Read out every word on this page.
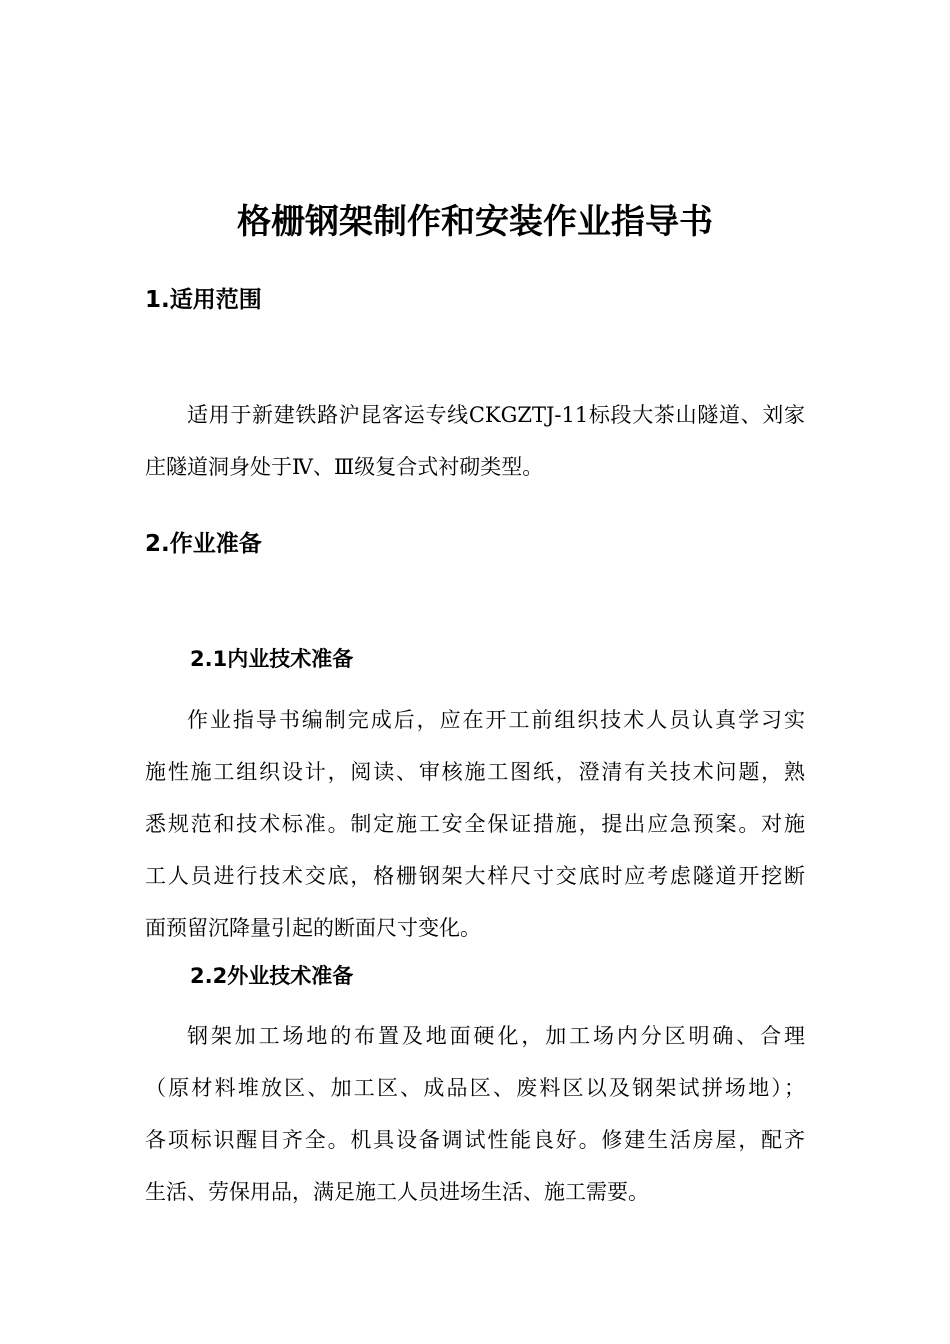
格栅钢架制作和安装作业指导书
1.适用范围
适用于新建铁路沪昆客运专线CKGZTJ-11标段大茶山隧道、刘家
庄隧道洞身处于Ⅳ、Ⅲ级复合式衬砌类型。
2.作业准备
2.1内业技术准备
作业指导书编制完成后，应在开工前组织技术人员认真学习实
施性施工组织设计，阅读、审核施工图纸，澄清有关技术问题，熟
悉规范和技术标准。制定施工安全保证措施，提出应急预案。对施
工人员进行技术交底，格栅钢架大样尺寸交底时应考虑隧道开挖断
面预留沉降量引起的断面尺寸变化。
2.2外业技术准备
钢架加工场地的布置及地面硬化，加工场内分区明确、合理
（原材料堆放区、加工区、成品区、废料区以及钢架试拼场地）；
各项标识醒目齐全。机具设备调试性能良好。修建生活房屋，配齐
生活、劳保用品，满足施工人员进场生活、施工需要。
